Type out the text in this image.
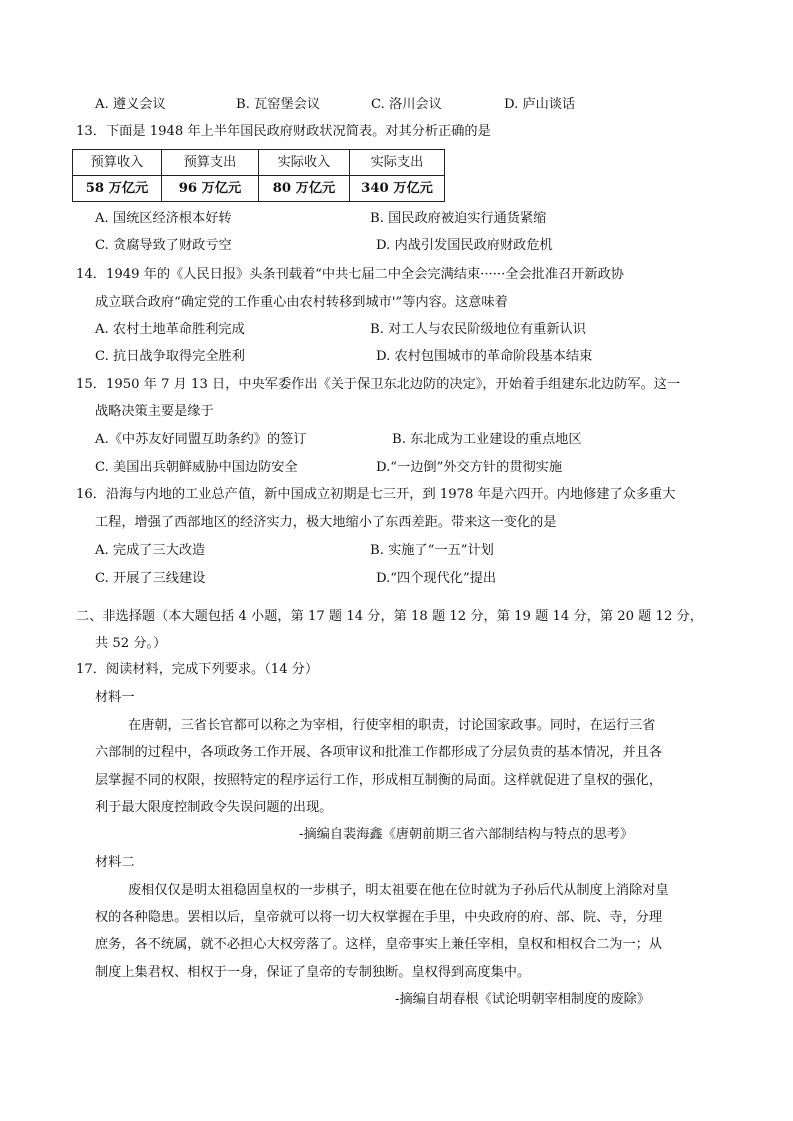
A. 遵义会议	B. 瓦窑堡会议	C. 洛川会议	D. 庐山谈话
13．下面是 1948 年上半年国民政府财政状况简表。对其分析正确的是
预算收入	预算支出	实际收入	实际支出
58 万亿元	96 万亿元	80 万亿元	340 万亿元
A. 国统区经济根本好转	B. 国民政府被迫实行通货紧缩
C. 贪腐导致了财政亏空	D. 内战引发国民政府财政危机
14．1949 年的《人民日报》头条刊载着“中共七届二中全会完满结束······全会批准召开新政协
成立联合政府“确定党的工作重心由农村转移到城市'”等内容。这意味着
A. 农村土地革命胜利完成	B. 对工人与农民阶级地位有重新认识
C. 抗日战争取得完全胜利	D. 农村包围城市的革命阶段基本结束
15．1950 年 7 月 13 日，中央军委作出《关于保卫东北边防的决定》，开始着手组建东北边防军。这一
战略决策主要是缘于
A.《中苏友好同盟互助条约》的签订	B. 东北成为工业建设的重点地区
C. 美国出兵朝鲜威胁中国边防安全	D.“一边倒”外交方针的贯彻实施
16．沿海与内地的工业总产值，新中国成立初期是七三开，到 1978 年是六四开。内地修建了众多重大
工程，增强了西部地区的经济实力，极大地缩小了东西差距。带来这一变化的是
A. 完成了三大改造	B. 实施了“一五”计划
C. 开展了三线建设	D.“四个现代化”提出
二、非选择题（本大题包括 4 小题，第 17 题 14 分，第 18 题 12 分，第 19 题 14 分，第 20 题 12 分，
共 52 分。）
17．阅读材料，完成下列要求。（14 分）
材料一
在唐朝，三省长官都可以称之为宰相，行使宰相的职责，讨论国家政事。同时，在运行三省
六部制的过程中，各项政务工作开展、各项审议和批准工作都形成了分层负责的基本情况，并且各
层掌握不同的权限，按照特定的程序运行工作，形成相互制衡的局面。这样就促进了皇权的强化，
利于最大限度控制政令失误问题的出现。
-摘编自裴海鑫《唐朝前期三省六部制结构与特点的思考》
材料二
废相仅仅是明太祖稳固皇权的一步棋子，明太祖要在他在位时就为子孙后代从制度上消除对皇
权的各种隐患。罢相以后，皇帝就可以将一切大权掌握在手里，中央政府的府、部、院、寺，分理
庶务，各不统属，就不必担心大权旁落了。这样，皇帝事实上兼任宰相，皇权和相权合二为一；从
制度上集君权、相权于一身，保证了皇帝的专制独断。皇权得到高度集中。
-摘编自胡春根《试论明朝宰相制度的废除》
